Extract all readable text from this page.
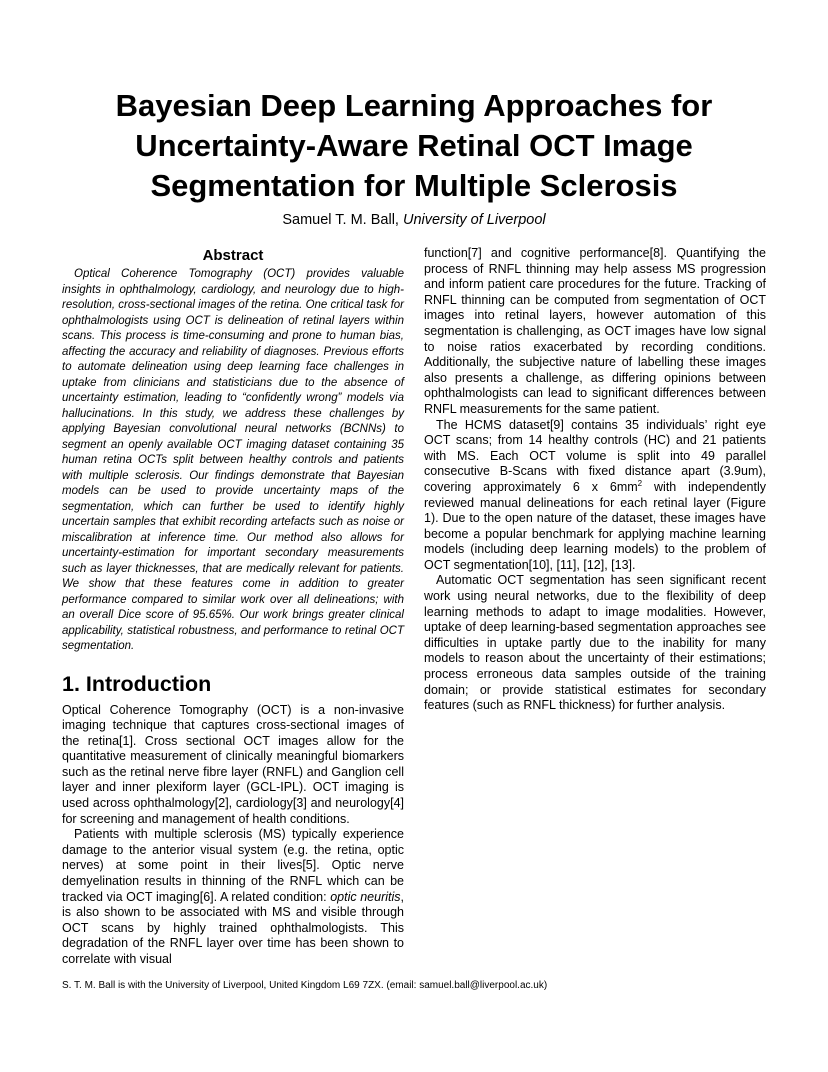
Bayesian Deep Learning Approaches for
Uncertainty-Aware Retinal OCT Image
Segmentation for Multiple Sclerosis
Samuel T. M. Ball, University of Liverpool
Abstract

Optical Coherence Tomography (OCT) provides valuable insights in ophthalmology, cardiology, and neurology due to high-resolution, cross-sectional images of the retina. One critical task for ophthalmologists using OCT is delineation of retinal layers within scans. This process is time-consuming and prone to human bias, affecting the accuracy and reliability of diagnoses. Previous efforts to automate delineation using deep learning face challenges in uptake from clinicians and statisticians due to the absence of uncertainty estimation, leading to “confidently wrong” models via hallucinations. In this study, we address these challenges by applying Bayesian convolutional neural networks (BCNNs) to segment an openly available OCT imaging dataset containing 35 human retina OCTs split between healthy controls and patients with multiple sclerosis. Our findings demonstrate that Bayesian models can be used to provide uncertainty maps of the segmentation, which can further be used to identify highly uncertain samples that exhibit recording artefacts such as noise or miscalibration at inference time. Our method also allows for uncertainty-estimation for important secondary measurements such as layer thicknesses, that are medically relevant for patients. We show that these features come in addition to greater performance compared to similar work over all delineations; with an overall Dice score of 95.65%. Our work brings greater clinical applicability, statistical robustness, and performance to retinal OCT segmentation.

1. Introduction

Optical Coherence Tomography (OCT) is a non-invasive imaging technique that captures cross-sectional images of the retina[1]. Cross sectional OCT images allow for the quantitative measurement of clinically meaningful biomarkers such as the retinal nerve fibre layer (RNFL) and Ganglion cell layer and inner plexiform layer (GCL-IPL). OCT imaging is used across ophthalmology[2], cardiology[3] and neurology[4] for screening and management of health conditions.

Patients with multiple sclerosis (MS) typically experience damage to the anterior visual system (e.g. the retina, optic nerves) at some point in their lives[5]. Optic nerve demyelination results in thinning of the RNFL which can be tracked via OCT imaging[6]. A related condition: optic neuritis, is also shown to be associated with MS and visible through OCT scans by highly trained ophthalmologists. This degradation of the RNFL layer over time has been shown to correlate with visual

function[7] and cognitive performance[8]. Quantifying the process of RNFL thinning may help assess MS progression and inform patient care procedures for the future. Tracking of RNFL thinning can be computed from segmentation of OCT images into retinal layers, however automation of this segmentation is challenging, as OCT images have low signal to noise ratios exacerbated by recording conditions. Additionally, the subjective nature of labelling these images also presents a challenge, as differing opinions between ophthalmologists can lead to significant differences between RNFL measurements for the same patient.

The HCMS dataset[9] contains 35 individuals’ right eye OCT scans; from 14 healthy controls (HC) and 21 patients with MS. Each OCT volume is split into 49 parallel consecutive B-Scans with fixed distance apart (3.9um), covering approximately 6 x $6mm^2$ with independently reviewed manual delineations for each retinal layer (Figure 1). Due to the open nature of the dataset, these images have become a popular benchmark for applying machine learning models (including deep learning models) to the problem of OCT segmentation[10], [11], [12], [13].

Automatic OCT segmentation has seen significant recent work using neural networks, due to the flexibility of deep learning methods to adapt to image modalities. However, uptake of deep learning-based segmentation approaches see difficulties in uptake partly due to the inability for many models to reason about the uncertainty of their estimations; process erroneous data samples outside of the training domain; or provide statistical estimates for secondary features (such as RNFL thickness) for further analysis.

S. T. M. Ball is with the University of Liverpool, United Kingdom L69 7ZX. (email: samuel.ball@liverpool.ac.uk)
